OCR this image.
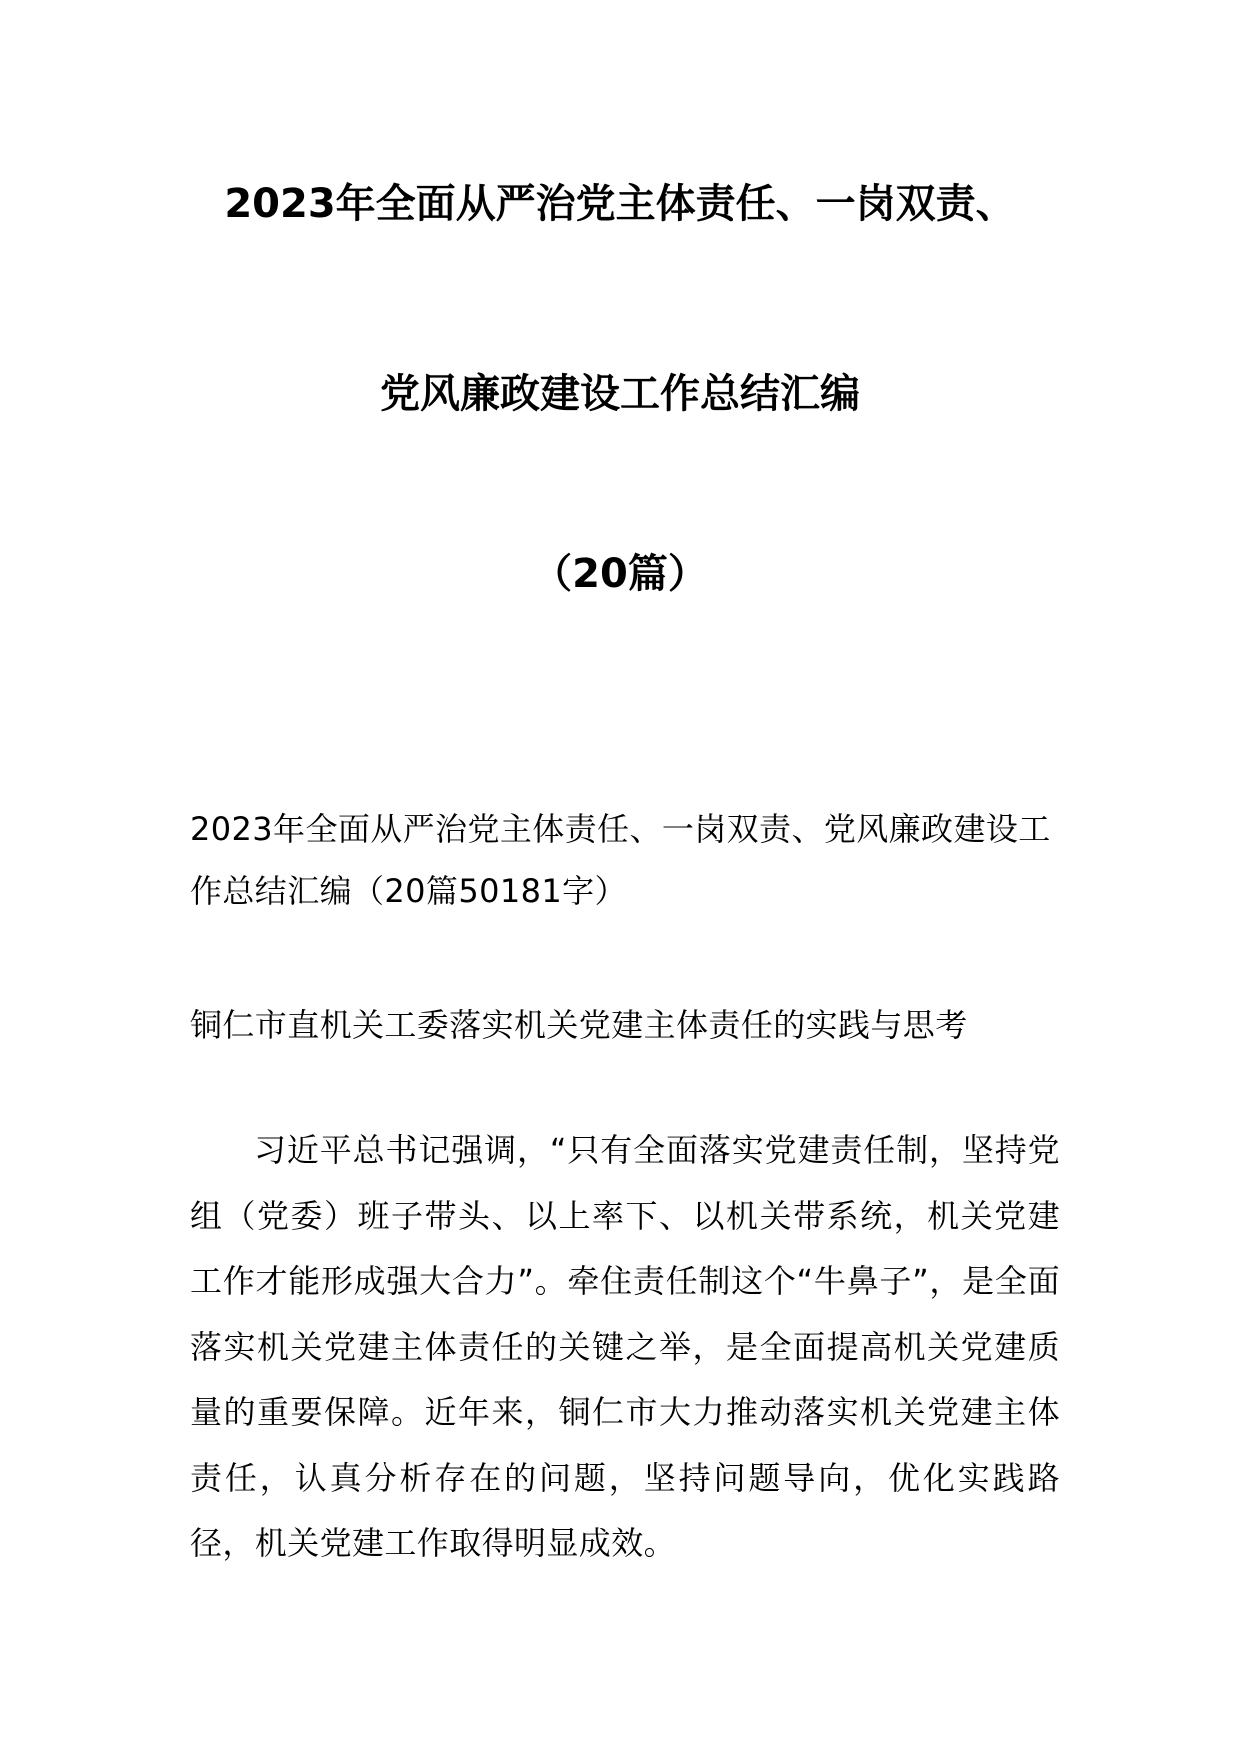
2023年全面从严治党主体责任、一岗双责、
党风廉政建设工作总结汇编
（20篇）
2023年全面从严治党主体责任、一岗双责、党风廉政建设工作总结汇编（20篇50181字）
铜仁市直机关工委落实机关党建主体责任的实践与思考
习近平总书记强调，“只有全面落实党建责任制，坚持党组（党委）班子带头、以上率下、以机关带系统，机关党建工作才能形成强大合力”。牵住责任制这个“牛鼻子”，是全面落实机关党建主体责任的关键之举，是全面提高机关党建质量的重要保障。近年来，铜仁市大力推动落实机关党建主体责任，认真分析存在的问题，坚持问题导向，优化实践路径，机关党建工作取得明显成效。
